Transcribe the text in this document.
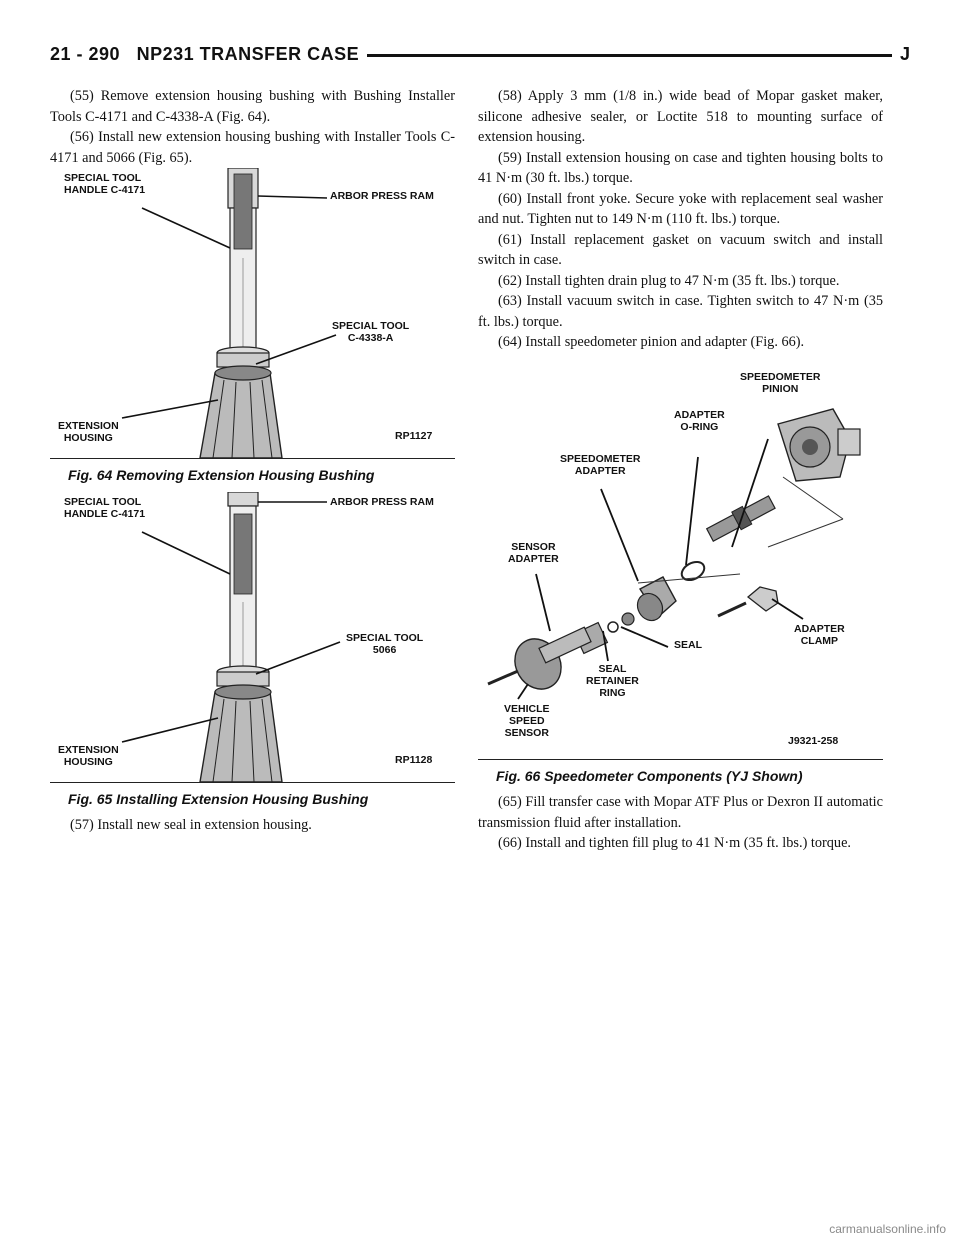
21 - 290 NP231 TRANSFER CASE	J

(55) Remove extension housing bushing with Bushing Installer Tools C-4171 and C-4338-A (Fig. 64).

(56) Install new extension housing bushing with Installer Tools C-4171 and 5066 (Fig. 65).

SPECIAL TOOL
HANDLE C-4171	ARBOR PRESS RAM
SPECIAL TOOL
C-4338-A
EXTENSION
HOUSING	RP1127
Fig. 64 Removing Extension Housing Bushing
SPECIAL TOOL
HANDLE C-4171
ARBOR PRESS RAM
SPECIAL TOOL
5066
EXTENSION
HOUSING	RP1128
Fig. 65 Installing Extension Housing Bushing

(57) Install new seal in extension housing.

(58) Apply 3 mm (1/8 in.) wide bead of Mopar gasket maker, silicone adhesive sealer, or Loctite 518 to mounting surface of extension housing.

(59) Install extension housing on case and tighten housing bolts to 41 N·m (30 ft. lbs.) torque.

(60) Install front yoke. Secure yoke with replacement seal washer and nut. Tighten nut to 149 N·m (110 ft. lbs.) torque.

(61) Install replacement gasket on vacuum switch and install switch in case.

(62) Install tighten drain plug to 47 N·m (35 ft. lbs.) torque.

(63) Install vacuum switch in case. Tighten switch to 47 N·m (35 ft. lbs.) torque.

(64) Install speedometer pinion and adapter (Fig. 66).

SPEEDOMETER
PINION
ADAPTER
O-RING
SPEEDOMETER
ADAPTER
SENSOR
ADAPTER
SEAL
ADAPTER
CLAMP
SEAL
RETAINER
RING
VEHICLE
SPEED
SENSOR
J9321-258
Fig. 66 Speedometer Components (YJ Shown)

(65) Fill transfer case with Mopar ATF Plus or Dexron II automatic transmission fluid after installation.

(66) Install and tighten fill plug to 41 N·m (35 ft. lbs.) torque.

carmanualsonline.info
